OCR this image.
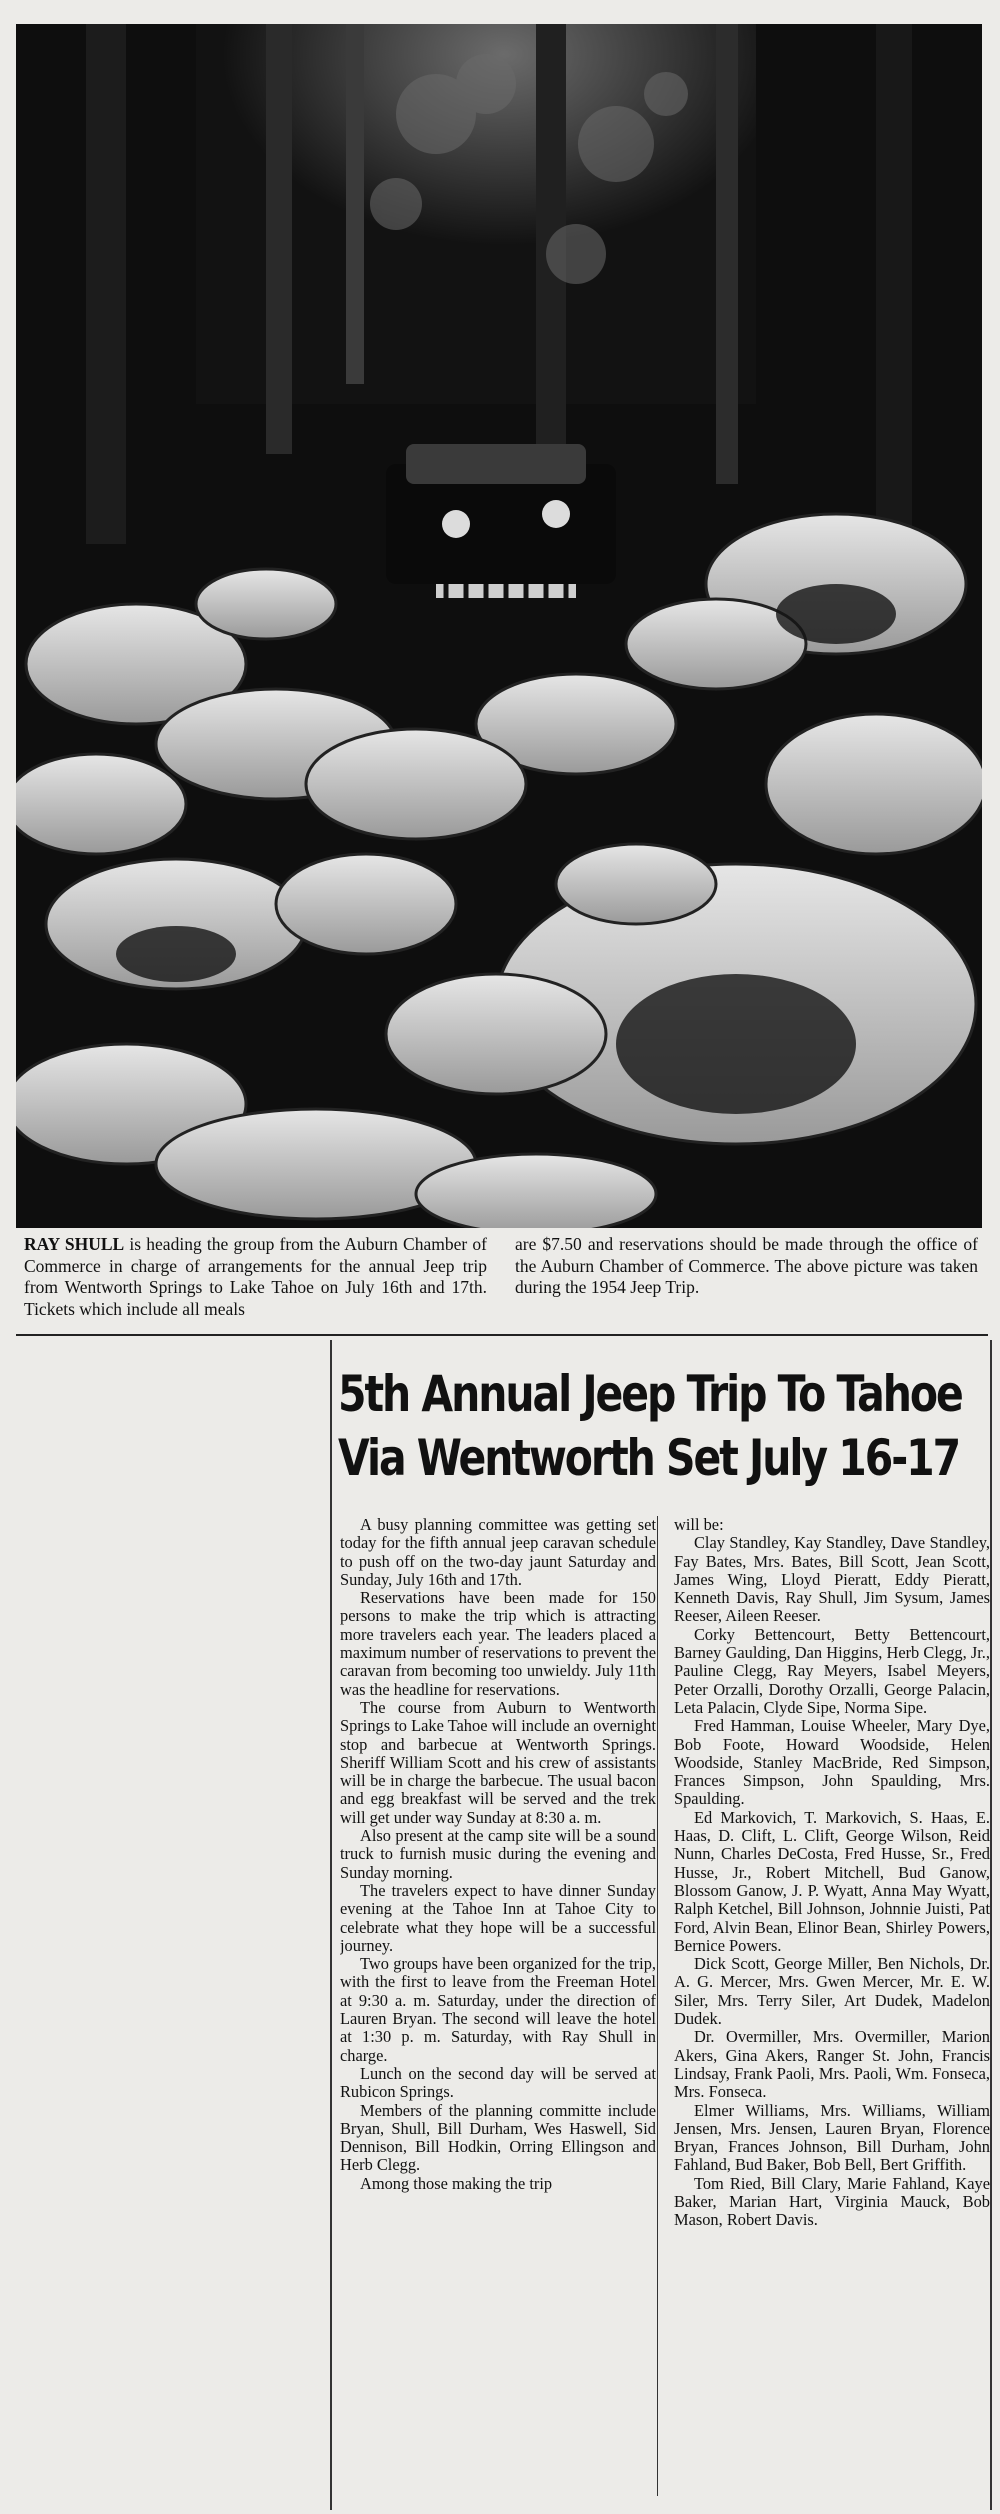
RAY SHULL is heading the group from the Auburn Chamber of Commerce in charge of arrangements for the annual Jeep trip from Wentworth Springs to Lake Tahoe on July 16th and 17th. Tickets which include all meals
are $7.50 and reservations should be made through the office of the Auburn Chamber of Commerce. The above picture was taken during the 1954 Jeep Trip.
5th Annual Jeep Trip To Tahoe
Via Wentworth Set July 16-17

A busy planning committee was getting set today for the fifth annual jeep caravan schedule to push off on the two-day jaunt Saturday and Sunday, July 16th and 17th.

Reservations have been made for 150 persons to make the trip which is attracting more travelers each year. The leaders placed a maximum number of reservations to prevent the caravan from becoming too unwieldy. July 11th was the headline for reservations.

The course from Auburn to Wentworth Springs to Lake Tahoe will include an overnight stop and barbecue at Wentworth Springs. Sheriff William Scott and his crew of assistants will be in charge the barbecue. The usual bacon and egg breakfast will be served and the trek will get under way Sunday at 8:30 a. m.

Also present at the camp site will be a sound truck to furnish music during the evening and Sunday morning.

The travelers expect to have dinner Sunday evening at the Tahoe Inn at Tahoe City to celebrate what they hope will be a successful journey.

Two groups have been organized for the trip, with the first to leave from the Freeman Hotel at 9:30 a. m. Saturday, under the direction of Lauren Bryan. The second will leave the hotel at 1:30 p. m. Saturday, with Ray Shull in charge.

Lunch on the second day will be served at Rubicon Springs.

Members of the planning committe include Bryan, Shull, Bill Durham, Wes Haswell, Sid Dennison, Bill Hodkin, Orring Ellingson and Herb Clegg.

Among those making the trip

will be:

Clay Standley, Kay Standley, Dave Standley, Fay Bates, Mrs. Bates, Bill Scott, Jean Scott, James Wing, Lloyd Pieratt, Eddy Pieratt, Kenneth Davis, Ray Shull, Jim Sysum, James Reeser, Aileen Reeser.

Corky Bettencourt, Betty Bettencourt, Barney Gaulding, Dan Higgins, Herb Clegg, Jr., Pauline Clegg, Ray Meyers, Isabel Meyers, Peter Orzalli, Dorothy Orzalli, George Palacin, Leta Palacin, Clyde Sipe, Norma Sipe.

Fred Hamman, Louise Wheeler, Mary Dye, Bob Foote, Howard Woodside, Helen Woodside, Stanley MacBride, Red Simpson, Frances Simpson, John Spaulding, Mrs. Spaulding.

Ed Markovich, T. Markovich, S. Haas, E. Haas, D. Clift, L. Clift, George Wilson, Reid Nunn, Charles DeCosta, Fred Husse, Sr., Fred Husse, Jr., Robert Mitchell, Bud Ganow, Blossom Ganow, J. P. Wyatt, Anna May Wyatt, Ralph Ketchel, Bill Johnson, Johnnie Juisti, Pat Ford, Alvin Bean, Elinor Bean, Shirley Powers, Bernice Powers.

Dick Scott, George Miller, Ben Nichols, Dr. A. G. Mercer, Mrs. Gwen Mercer, Mr. E. W. Siler, Mrs. Terry Siler, Art Dudek, Madelon Dudek.

Dr. Overmiller, Mrs. Overmiller, Marion Akers, Gina Akers, Ranger St. John, Francis Lindsay, Frank Paoli, Mrs. Paoli, Wm. Fonseca, Mrs. Fonseca.

Elmer Williams, Mrs. Williams, William Jensen, Mrs. Jensen, Lauren Bryan, Florence Bryan, Frances Johnson, Bill Durham, John Fahland, Bud Baker, Bob Bell, Bert Griffith.

Tom Ried, Bill Clary, Marie Fahland, Kaye Baker, Marian Hart, Virginia Mauck, Bob Mason, Robert Davis.
